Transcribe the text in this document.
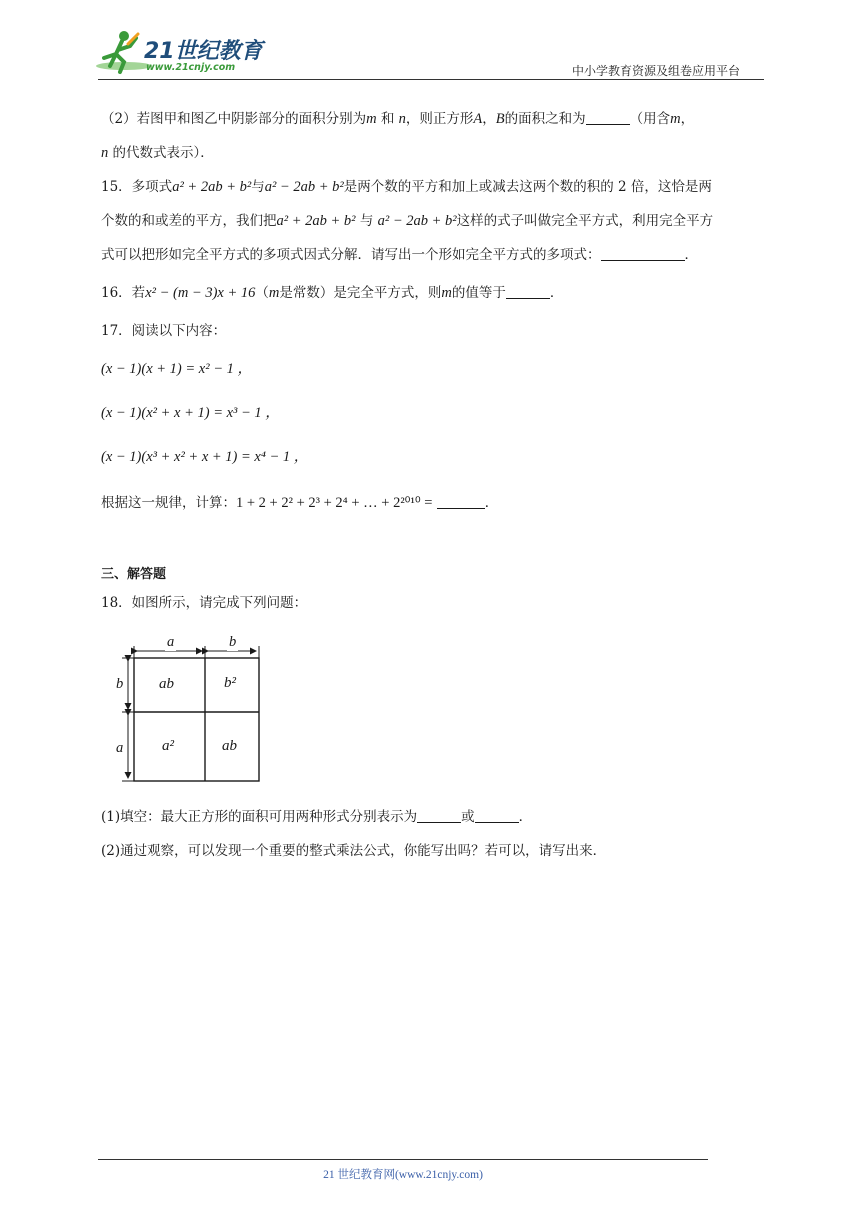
21世纪教育
www.21cnjy.com	中小学教育资源及组卷应用平台
（2）若图甲和图乙中阴影部分的面积分别为m 和 n，则正方形A，B的面积之和为	（用含m，
n 的代数式表示）．
15．多项式a² + 2ab + b²与a² − 2ab + b²是两个数的平方和加上或减去这两个数的积的 2 倍，这恰是两
个数的和或差的平方，我们把a² + 2ab + b² 与 a² − 2ab + b²这样的式子叫做完全平方式，利用完全平方
式可以把形如完全平方式的多项式因式分解．请写出一个形如完全平方式的多项式：	．
16．若x² − (m − 3)x + 16（m是常数）是完全平方式，则m的值等于	．
17．阅读以下内容：
(x − 1)(x + 1) = x² − 1 ，
(x − 1)(x² + x + 1) = x³ − 1 ，
(x − 1)(x³ + x² + x + 1) = x⁴ − 1 ，
根据这一规律，计算：1 + 2 + 2² + 2³ + 2⁴ + … + 2²⁰¹⁰ =	．
三、解答题
18．如图所示，请完成下列问题：
a	b
b
a
ab	b²
a²	ab
(1)填空：最大正方形的面积可用两种形式分别表示为	或	．
(2)通过观察，可以发现一个重要的整式乘法公式，你能写出吗？若可以，请写出来．
21 世纪教育网(www.21cnjy.com)
